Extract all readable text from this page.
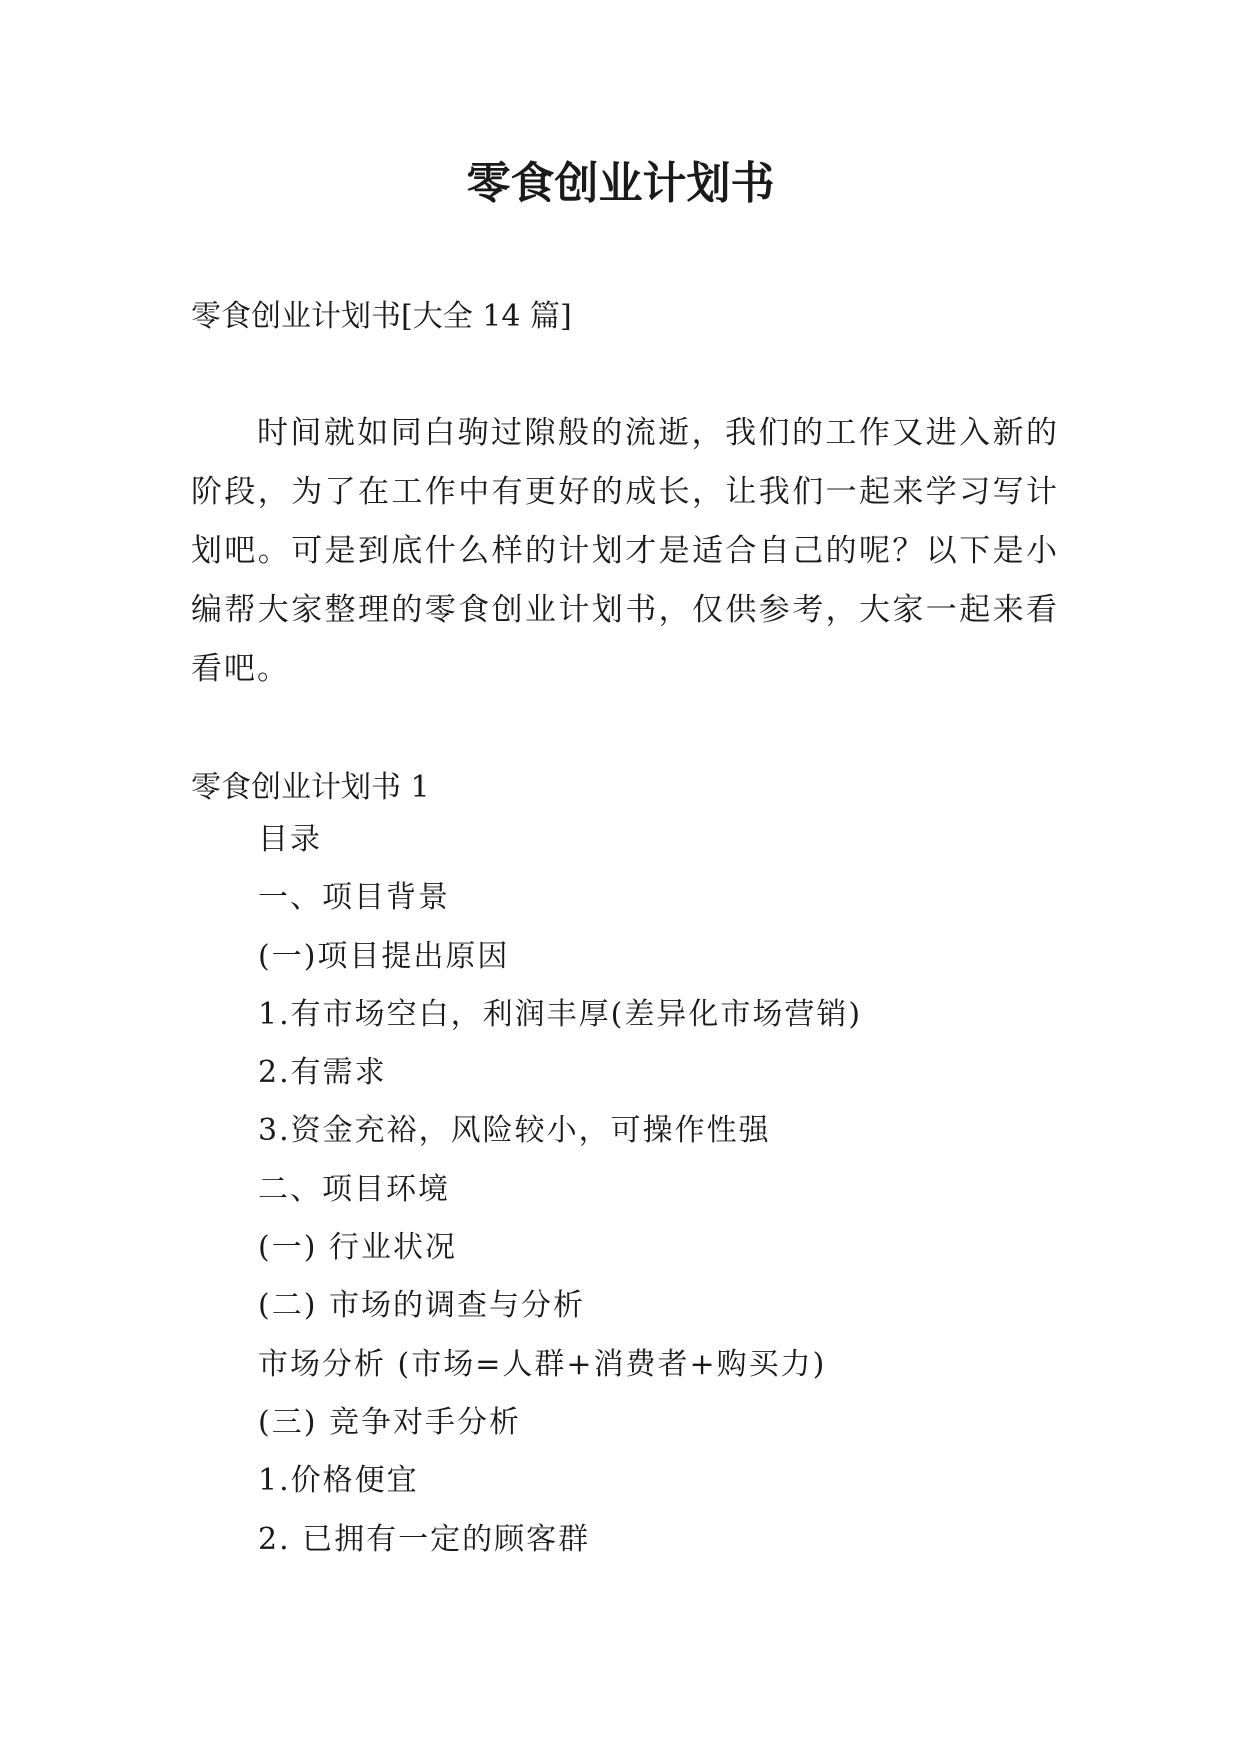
零食创业计划书
零食创业计划书[大全 14 篇]

时间就如同白驹过隙般的流逝，我们的工作又进入新的阶段，为了在工作中有更好的成长，让我们一起来学习写计划吧。可是到底什么样的计划才是适合自己的呢？以下是小编帮大家整理的零食创业计划书，仅供参考，大家一起来看看吧。

零食创业计划书 1
目录
一、项目背景
(一)项目提出原因
1.有市场空白，利润丰厚(差异化市场营销)
2.有需求
3.资金充裕，风险较小，可操作性强
二、项目环境
(一) 行业状况
(二) 市场的调查与分析
市场分析 (市场=人群+消费者+购买力)
(三) 竞争对手分析
1.价格便宜
2. 已拥有一定的顾客群
